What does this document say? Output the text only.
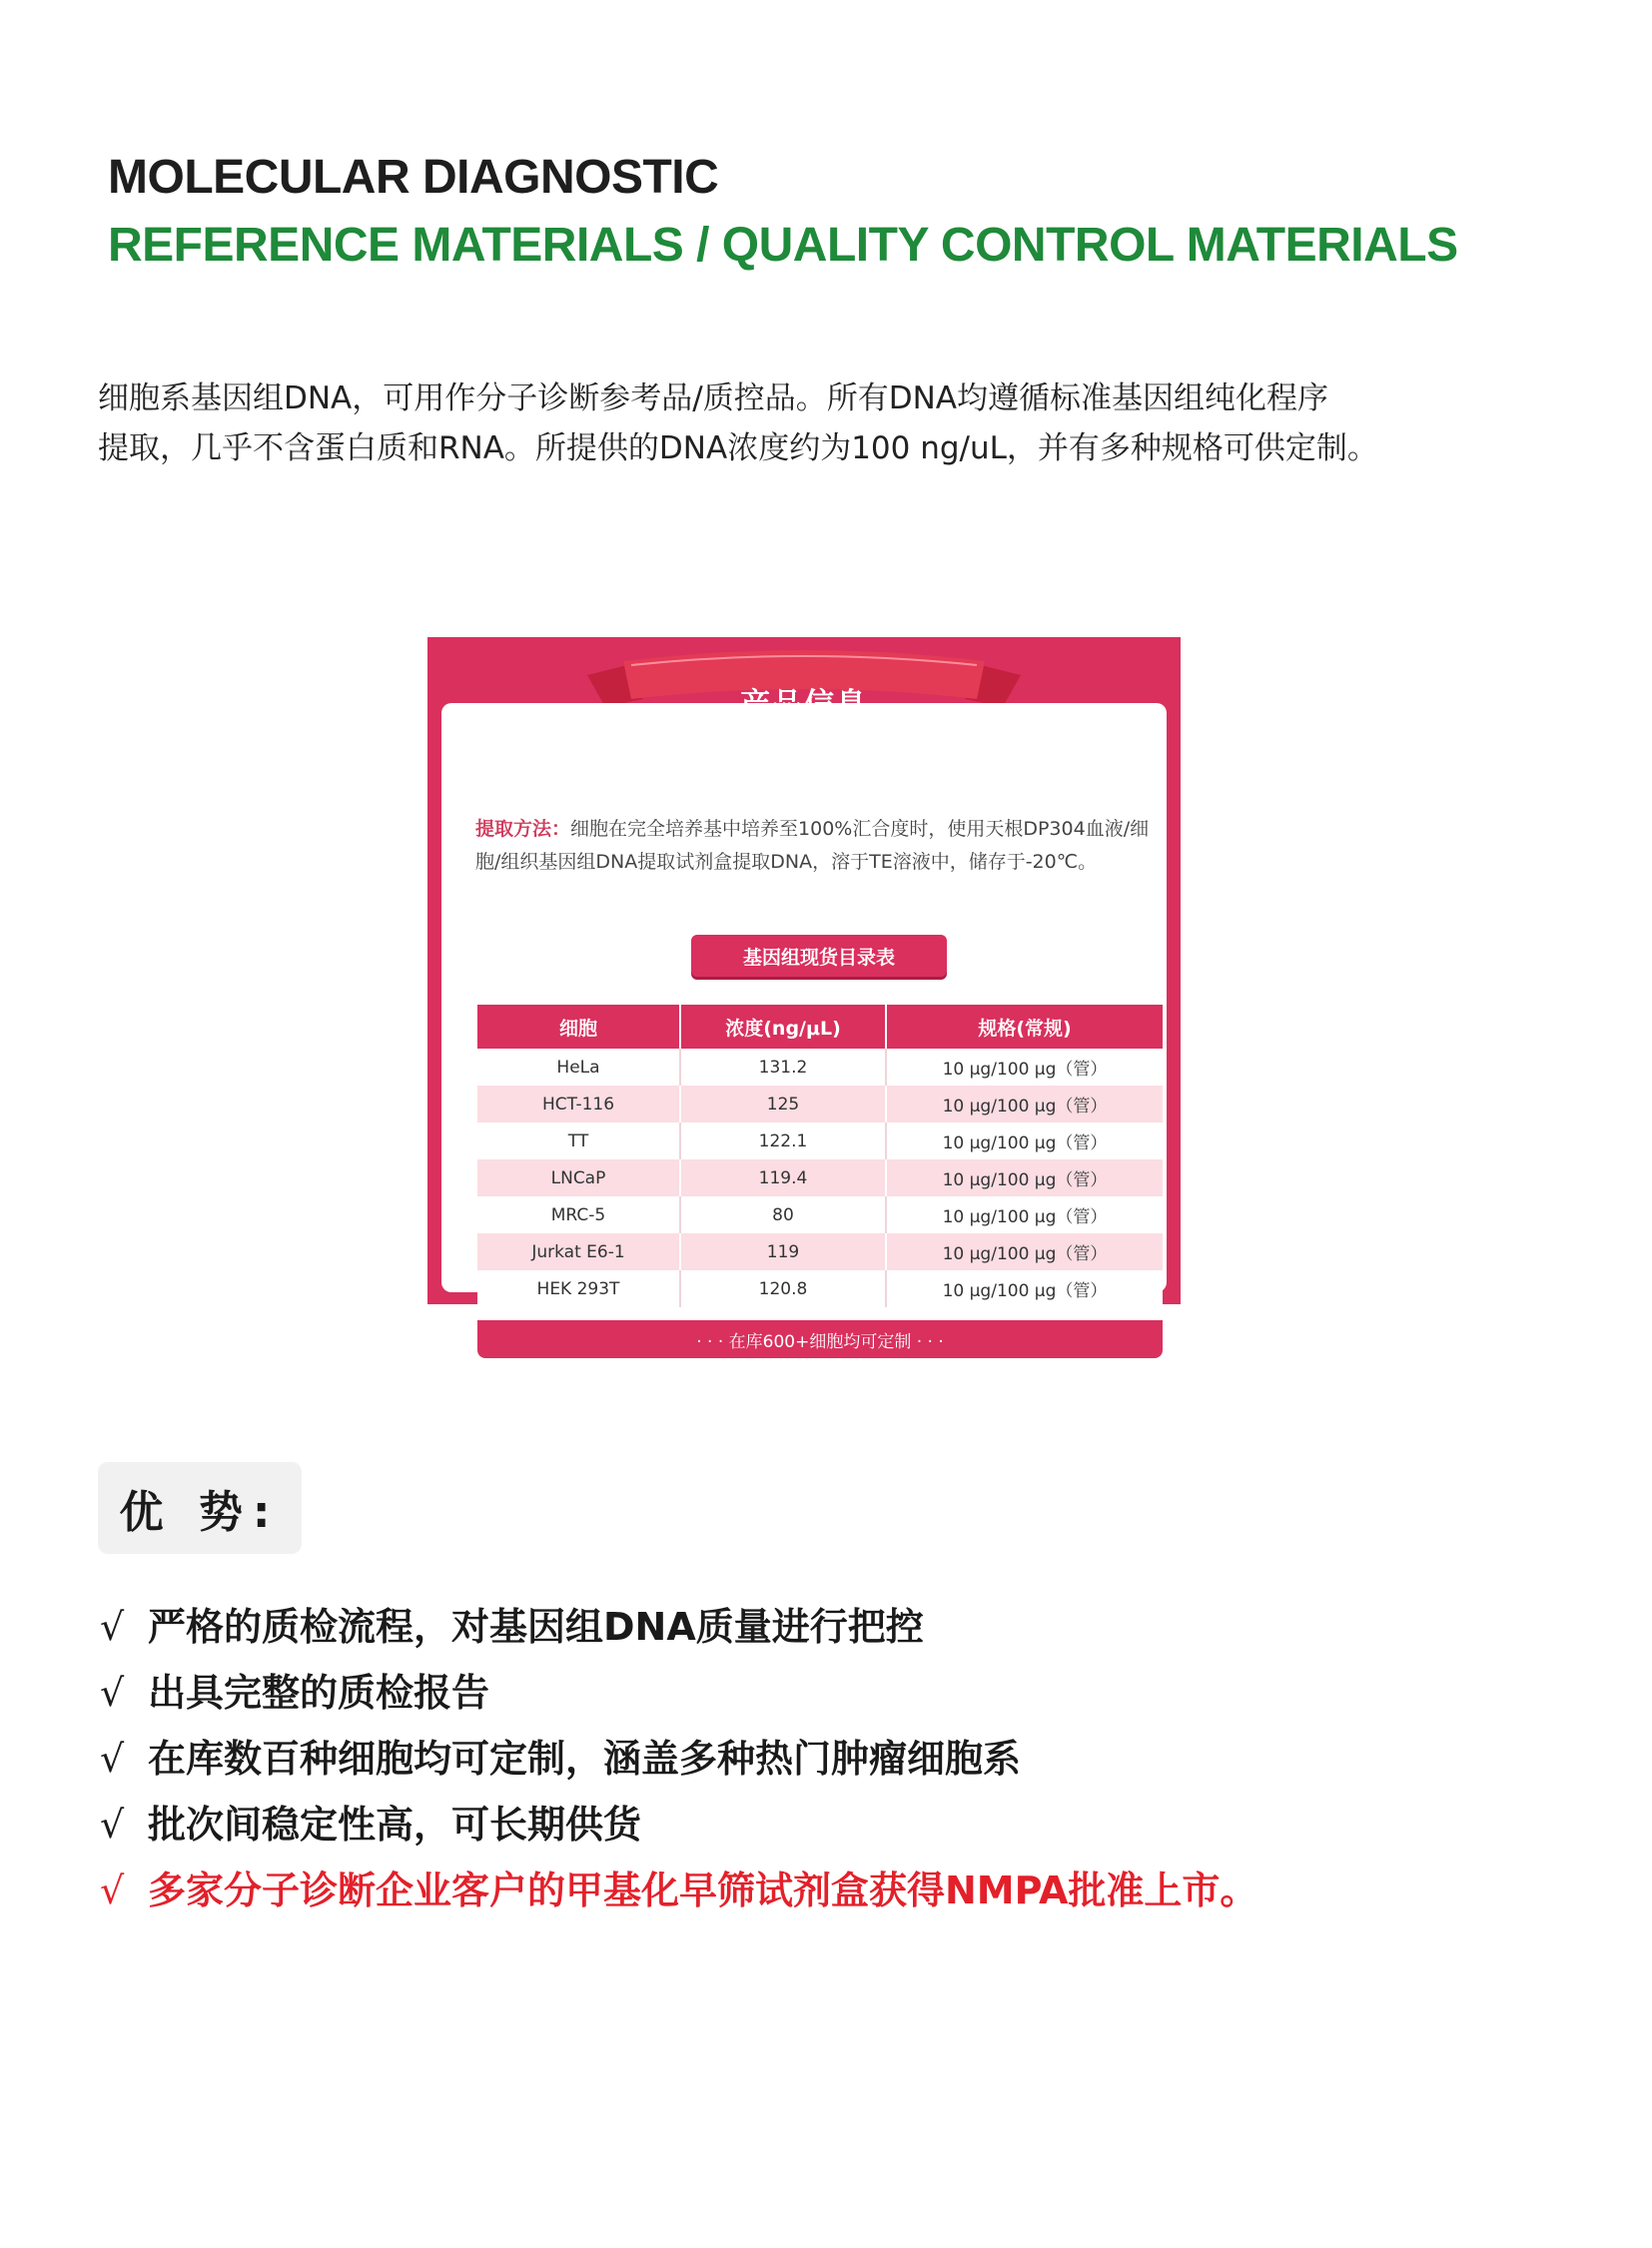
MOLECULAR DIAGNOSTIC
REFERENCE MATERIALS / QUALITY CONTROL MATERIALS

细胞系基因组DNA，可用作分子诊断参考品/质控品。所有DNA均遵循标准基因组纯化程序
提取，几乎不含蛋白质和RNA。所提供的DNA浓度约为100 ng/uL，并有多种规格可供定制。

提取方法：细胞在完全培养基中培养至100%汇合度时，使用天根DP304血液/细胞/组织基因组DNA提取试剂盒提取DNA，溶于TE溶液中，储存于-20℃。
基因组现货目录表
细胞	浓度(ng/μL)	规格(常规)
HeLa	131.2	10 μg/100 μg（管）
HCT-116	125	10 μg/100 μg（管）
TT	122.1	10 μg/100 μg（管）
LNCaP	119.4	10 μg/100 μg（管）
MRC-5	80	10 μg/100 μg（管）
Jurkat E6-1	119	10 μg/100 μg（管）
HEK 293T	120.8	10 μg/100 μg（管）
· · · 在库600+细胞均可定制 · · ·
优 势:
√ 严格的质检流程，对基因组DNA质量进行把控
√ 出具完整的质检报告
√ 在库数百种细胞均可定制，涵盖多种热门肿瘤细胞系
√ 批次间稳定性高，可长期供货
√ 多家分子诊断企业客户的甲基化早筛试剂盒获得NMPA批准上市。
